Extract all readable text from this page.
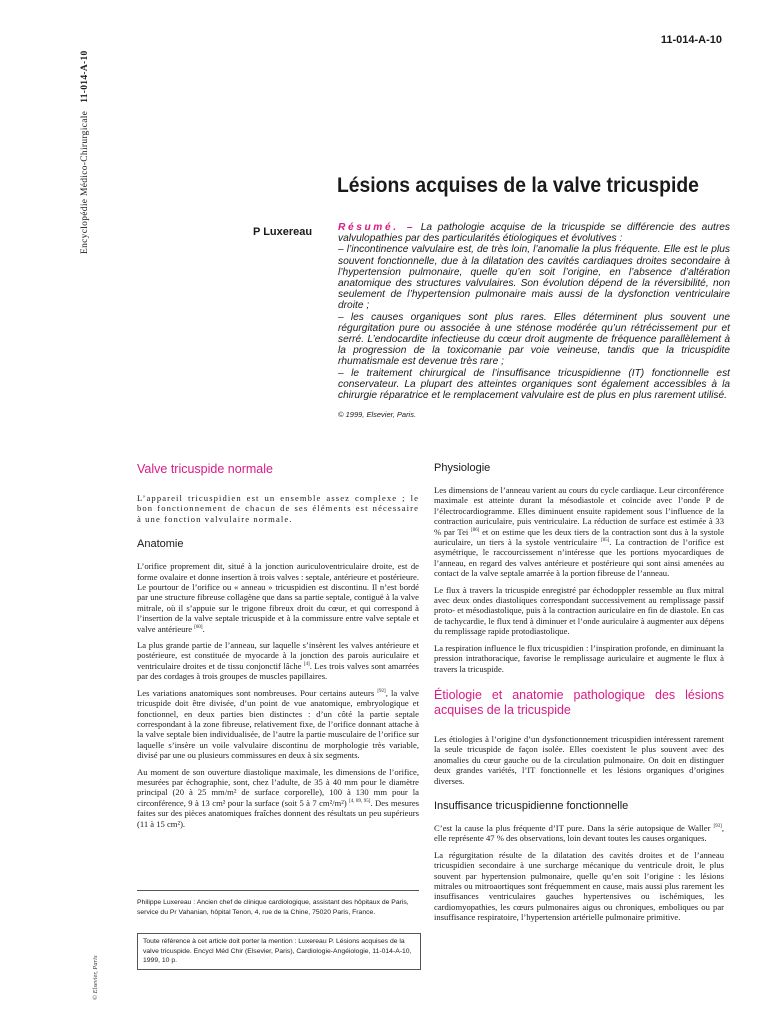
Encyclopédie Médico-Chirurgicale   11-014-A-10
© Elsevier, Paris
11-014-A-10
Lésions acquises de la valve tricuspide
P Luxereau	Résumé. – La pathologie acquise de la tricuspide se différencie des autres valvulopathies par des particularités étiologiques et évolutives :

– l’incontinence valvulaire est, de très loin, l’anomalie la plus fréquente. Elle est le plus souvent fonctionnelle, due à la dilatation des cavités cardiaques droites secondaire à l’hypertension pulmonaire, quelle qu’en soit l’origine, en l’absence d’altération anatomique des structures valvulaires. Son évolution dépend de la réversibilité, non seulement de l’hypertension pulmonaire mais aussi de la dysfonction ventriculaire droite ;

– les causes organiques sont plus rares. Elles déterminent plus souvent une régurgitation pure ou associée à une sténose modérée qu’un rétrécissement pur et serré. L’endocardite infectieuse du cœur droit augmente de fréquence parallèlement à la progression de la toxicomanie par voie veineuse, tandis que la tricuspidite rhumatismale est devenue très rare ;

– le traitement chirurgical de l’insuffisance tricuspidienne (IT) fonctionnelle est conservateur. La plupart des atteintes organiques sont également accessibles à la chirurgie réparatrice et le remplacement valvulaire est de plus en plus rarement utilisé.

© 1999, Elsevier, Paris.

Valve tricuspide normale

L’appareil tricuspidien est un ensemble assez complexe ; le bon fonctionnement de chacun de ses éléments est nécessaire à une fonction valvulaire normale.

Anatomie

L’orifice proprement dit, situé à la jonction auriculoventriculaire droite, est de forme ovalaire et donne insertion à trois valves : septale, antérieure et postérieure. Le pourtour de l’orifice ou « anneau » tricuspidien est discontinu. Il n’est bordé par une structure fibreuse collagène que dans sa partie septale, contiguë à la valve mitrale, où il s’appuie sur le trigone fibreux droit du cœur, et qui correspond à l’insertion de la valve septale tricuspide et à la commissure entre valve septale et valve antérieure [60].

La plus grande partie de l’anneau, sur laquelle s’insèrent les valves antérieure et postérieure, est constituée de myocarde à la jonction des parois auriculaire et ventriculaire droites et de tissu conjonctif lâche [4]. Les trois valves sont amarrées par des cordages à trois groupes de muscles papillaires.

Les variations anatomiques sont nombreuses. Pour certains auteurs [92], la valve tricuspide doit être divisée, d’un point de vue anatomique, embryologique et fonctionnel, en deux parties bien distinctes : d’un côté la partie septale correspondant à la zone fibreuse, relativement fixe, de l’orifice donnant attache à la valve septale bien individualisée, de l’autre la partie musculaire de l’orifice sur laquelle s’insère un voile valvulaire discontinu de morphologie très variable, divisé par une ou plusieurs commissures en deux à six segments.

Au moment de son ouverture diastolique maximale, les dimensions de l’orifice, mesurées par échographie, sont, chez l’adulte, de 35 à 40 mm pour le diamètre principal (20 à 25 mm/m² de surface corporelle), 100 à 130 mm pour la circonférence, 9 à 13 cm² pour la surface (soit 5 à 7 cm²/m²) [4, 89, 95]. Des mesures faites sur des pièces anatomiques fraîches donnent des résultats un peu supérieurs (11 à 15 cm²).

Physiologie

Les dimensions de l’anneau varient au cours du cycle cardiaque. Leur circonférence maximale est atteinte durant la mésodiastole et coïncide avec l’onde P de l’électrocardiogramme. Elles diminuent ensuite rapidement sous l’influence de la contraction auriculaire, puis ventriculaire. La réduction de surface est estimée à 33 % par Tei [86] et on estime que les deux tiers de la contraction sont dus à la systole auriculaire, un tiers à la systole ventriculaire [85]. La contraction de l’orifice est asymétrique, le raccourcissement n’intéresse que les portions myocardiques de l’anneau, en regard des valves antérieure et postérieure qui sont ainsi amenées au contact de la valve septale amarrée à la portion fibreuse de l’anneau.

Le flux à travers la tricuspide enregistré par échodoppler ressemble au flux mitral avec deux ondes diastoliques correspondant successivement au remplissage passif proto- et mésodiastolique, puis à la contraction auriculaire en fin de diastole. En cas de tachycardie, le flux tend à diminuer et l’onde auriculaire à augmenter aux dépens du remplissage rapide protodiastolique.

La respiration influence le flux tricuspidien : l’inspiration profonde, en diminuant la pression intrathoracique, favorise le remplissage auriculaire et augmente le flux à travers la tricuspide.

Étiologie et anatomie pathologique des lésions acquises de la tricuspide

Les étiologies à l’origine d’un dysfonctionnement tricuspidien intéressent rarement la seule tricuspide de façon isolée. Elles coexistent le plus souvent avec des anomalies du cœur gauche ou de la circulation pulmonaire. On doit en distinguer deux grandes variétés, l’IT fonctionnelle et les lésions organiques d’origines diverses.

Insuffisance tricuspidienne fonctionnelle

C’est la cause la plus fréquente d’IT pure. Dans la série autopsique de Waller [93], elle représente 47 % des observations, loin devant toutes les causes organiques.

La régurgitation résulte de la dilatation des cavités droites et de l’anneau tricuspidien secondaire à une surcharge mécanique du ventricule droit, le plus souvent par hypertension pulmonaire, quelle qu’en soit l’origine : les lésions mitrales ou mitroaortiques sont fréquemment en cause, mais aussi plus rarement les insuffisances ventriculaires gauches hypertensives ou ischémiques, les cardiomyopathies, les cœurs pulmonaires aigus ou chroniques, emboliques ou par insuffisance respiratoire, l’hypertension artérielle pulmonaire primitive.

Philippe Luxereau : Ancien chef de clinique cardiologique, assistant des hôpitaux de Paris, service du Pr Vahanian, hôpital Tenon, 4, rue de la Chine, 75020 Paris, France.
Toute référence à cet article doit porter la mention : Luxereau P. Lésions acquises de la valve tricuspide. Encycl Méd Chir (Elsevier, Paris), Cardiologie-Angéiologie, 11-014-A-10, 1999, 10 p.
